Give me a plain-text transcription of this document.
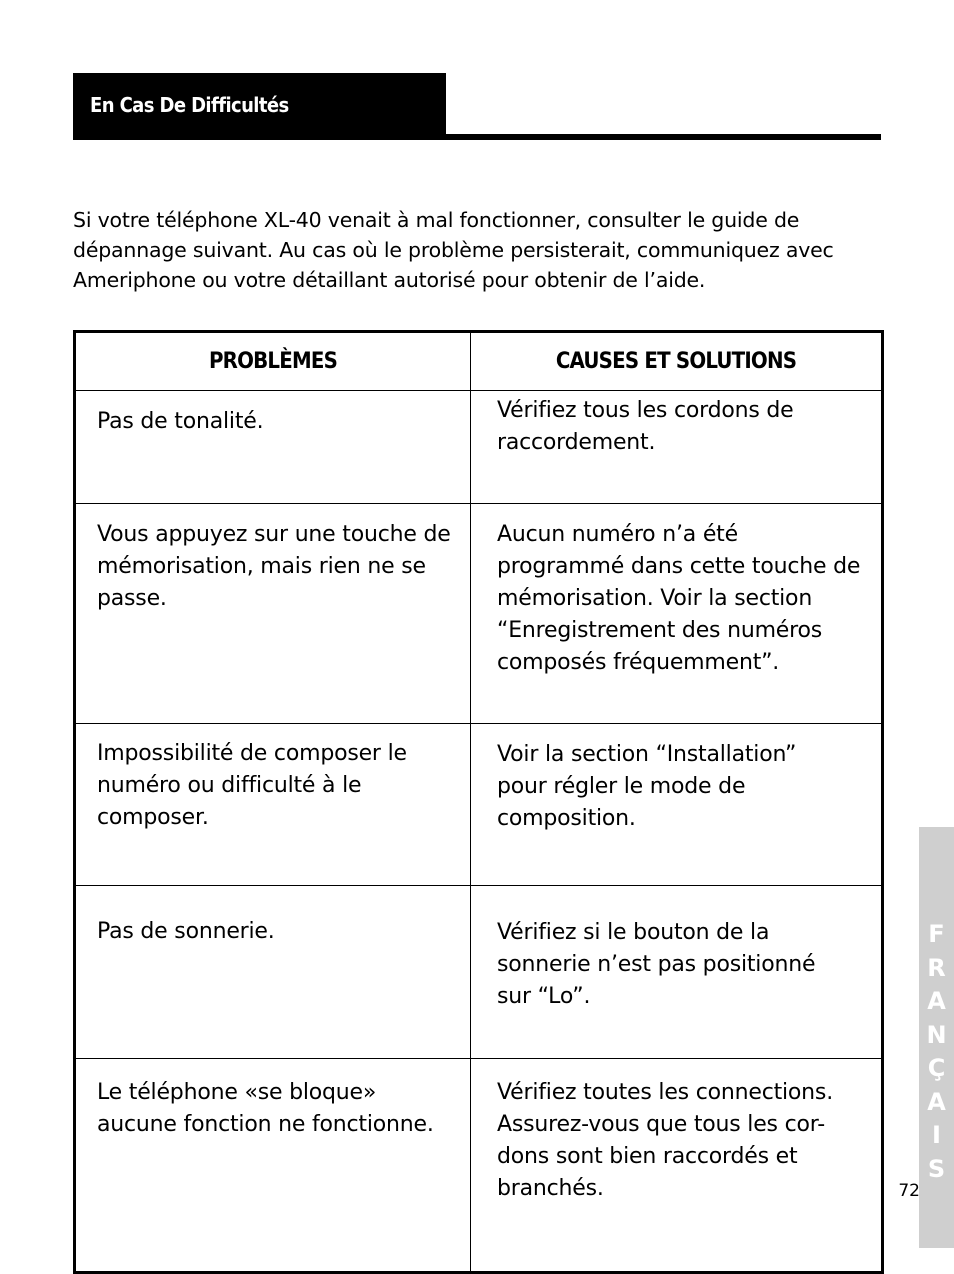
En Cas De Difficultés

Si votre téléphone XL-40 venait à mal fonctionner, consulter le guide de

dépannage suivant. Au cas où le problème persisterait, communiquez avec

Ameriphone ou votre détaillant autorisé pour obtenir de l’aide.

PROBLÈMES	CAUSES ET SOLUTIONS

Pas de tonalité.	Vérifiez tous les cordons de
raccordement.

Vous appuyez sur une touche de
mémorisation, mais rien ne se
passe.	Aucun numéro n’a été
programmé dans cette touche de
mémorisation. Voir la section
“Enregistrement des numéros
composés fréquemment”.

Impossibilité de composer le
numéro ou difficulté à le
composer.	Voir la section “Installation”
pour régler le mode de
composition.

Pas de sonnerie.	Vérifiez si le bouton de la
sonnerie n’est pas positionné
sur “Lo”.

Le téléphone «se bloque»
aucune fonction ne fonctionne.	Vérifiez toutes les connections.
Assurez-vous que tous les cor-
dons sont bien raccordés et
branchés.
F
R
A
N
Ç
A
I
S
72
